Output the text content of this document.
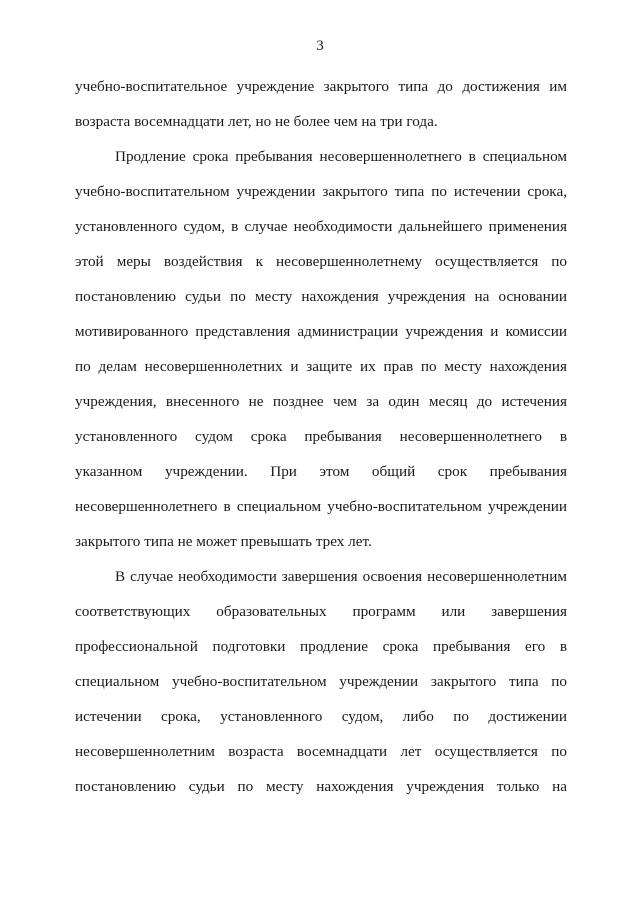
3
учебно-воспитательное учреждение закрытого типа до достижения им
возраста восемнадцати лет, но не более чем на три года.
Продление срока пребывания несовершеннолетнего в специальном
учебно-воспитательном учреждении закрытого типа по истечении срока,
установленного судом, в случае необходимости дальнейшего применения
этой меры воздействия к несовершеннолетнему осуществляется по
постановлению судьи по месту нахождения учреждения на основании
мотивированного представления администрации учреждения и комиссии
по делам несовершеннолетних и защите их прав по месту нахождения
учреждения, внесенного не позднее чем за один месяц до истечения
установленного судом срока пребывания несовершеннолетнего в
указанном учреждении. При этом общий срок пребывания
несовершеннолетнего в специальном учебно-воспитательном учреждении
закрытого типа не может превышать трех лет.
В случае необходимости завершения освоения несовершеннолетним
соответствующих образовательных программ или завершения
профессиональной подготовки продление срока пребывания его в
специальном учебно-воспитательном учреждении закрытого типа по
истечении срока, установленного судом, либо по достижении
несовершеннолетним возраста восемнадцати лет осуществляется по
постановлению судьи по месту нахождения учреждения только на
